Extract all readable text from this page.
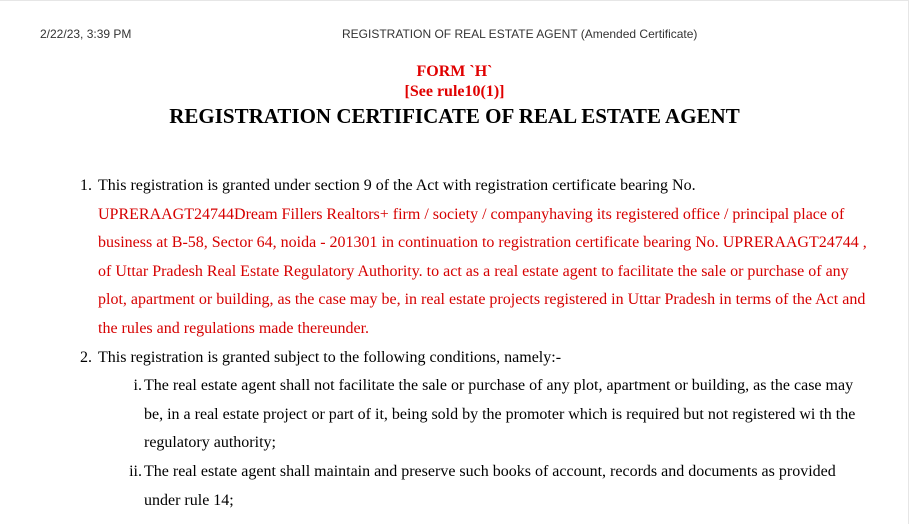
2/22/23, 3:39 PM	REGISTRATION OF REAL ESTATE AGENT (Amended Certificate)
FORM `H`
[See rule10(1)]
REGISTRATION CERTIFICATE OF REAL ESTATE AGENT
1. This registration is granted under section 9 of the Act with registration certificate bearing No.
UPRERAAGT24744Dream Fillers Realtors+ firm / society / companyhaving its registered office / principal place of business at B-58, Sector 64, noida - 201301 in continuation to registration certificate bearing No. UPRERAAGT24744 , of Uttar Pradesh Real Estate Regulatory Authority. to act as a real estate agent to facilitate the sale or purchase of any plot, apartment or building, as the case may be, in real estate projects registered in Uttar Pradesh in terms of the Act and the rules and regulations made thereunder.
2. This registration is granted subject to the following conditions, namely:-
i. The real estate agent shall not facilitate the sale or purchase of any plot, apartment or building, as the case may be, in a real estate project or part of it, being sold by the promoter which is required but not registered wi th the regulatory authority;
ii. The real estate agent shall maintain and preserve such books of account, records and documents as provided under rule 14;
